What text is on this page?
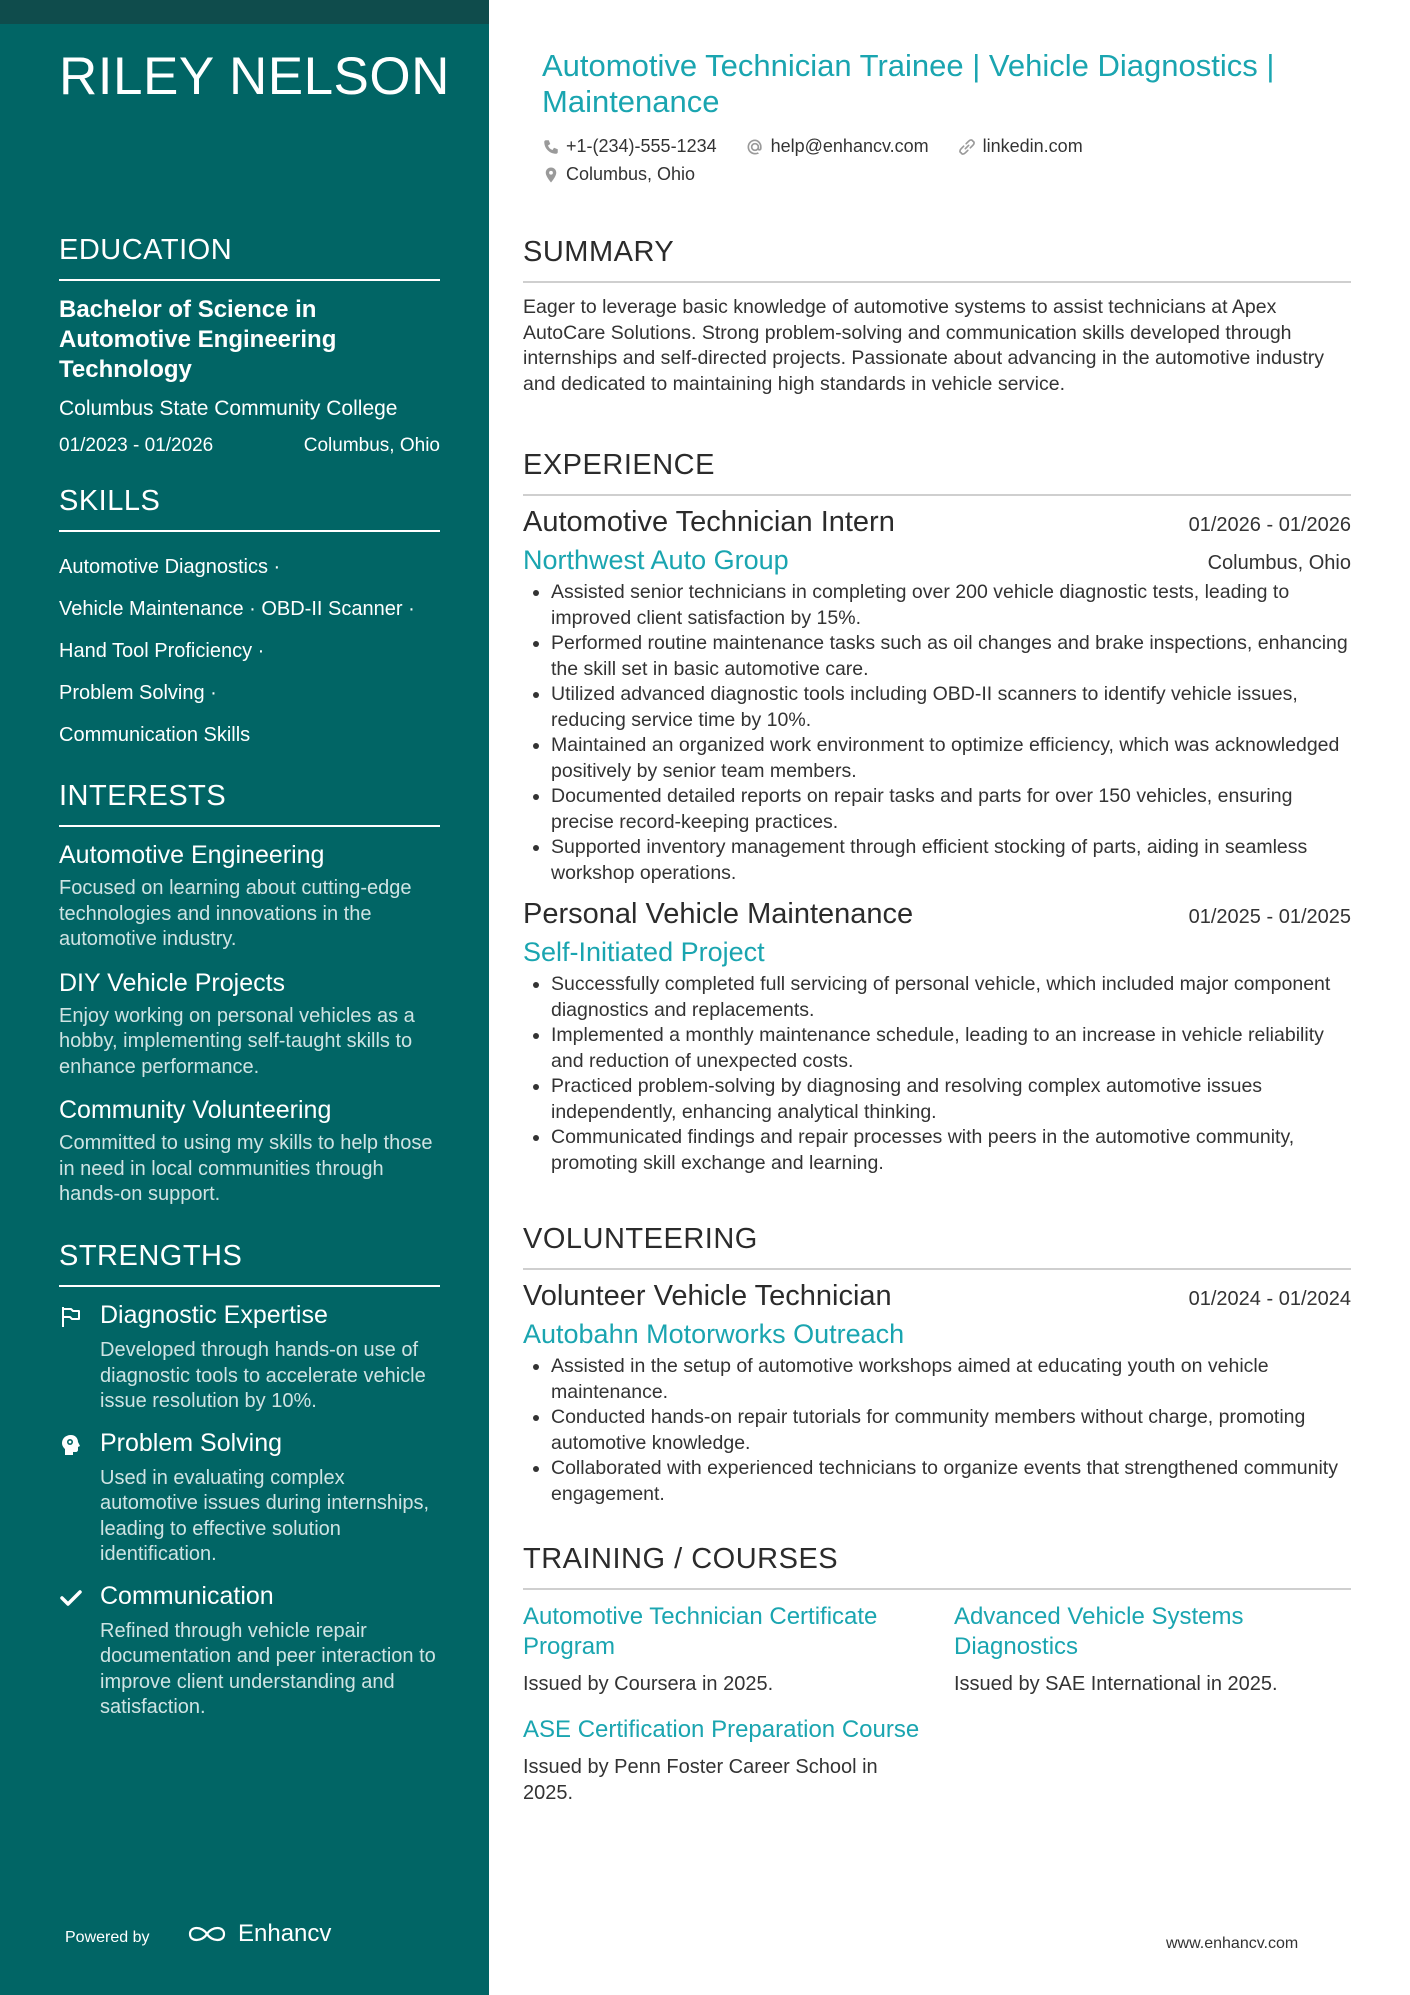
RILEY NELSON
EDUCATION
Bachelor of Science in Automotive Engineering Technology
Columbus State Community College
01/2023 - 01/2026	Columbus, Ohio
SKILLS
Automotive Diagnostics ·
Vehicle Maintenance · OBD-II Scanner ·
Hand Tool Proficiency ·
Problem Solving ·
Communication Skills
INTERESTS
Automotive Engineering
Focused on learning about cutting-edge technologies and innovations in the automotive industry.
DIY Vehicle Projects
Enjoy working on personal vehicles as a hobby, implementing self-taught skills to enhance performance.
Community Volunteering
Committed to using my skills to help those in need in local communities through hands-on support.
STRENGTHS
Diagnostic Expertise
Developed through hands-on use of diagnostic tools to accelerate vehicle issue resolution by 10%.
Problem Solving
Used in evaluating complex automotive issues during internships, leading to effective solution identification.
Communication
Refined through vehicle repair documentation and peer interaction to improve client understanding and satisfaction.
Powered by	Enhancv
Automotive Technician Trainee | Vehicle Diagnostics | Maintenance
+1-(234)-555-1234	help@enhancv.com	linkedin.com
Columbus, Ohio
SUMMARY
Eager to leverage basic knowledge of automotive systems to assist technicians at Apex AutoCare Solutions. Strong problem-solving and communication skills developed through internships and self-directed projects. Passionate about advancing in the automotive industry and dedicated to maintaining high standards in vehicle service.
EXPERIENCE
Automotive Technician Intern	01/2026 - 01/2026
Northwest Auto Group	Columbus, Ohio
• Assisted senior technicians in completing over 200 vehicle diagnostic tests, leading to improved client satisfaction by 15%.
• Performed routine maintenance tasks such as oil changes and brake inspections, enhancing the skill set in basic automotive care.
• Utilized advanced diagnostic tools including OBD-II scanners to identify vehicle issues, reducing service time by 10%.
• Maintained an organized work environment to optimize efficiency, which was acknowledged positively by senior team members.
• Documented detailed reports on repair tasks and parts for over 150 vehicles, ensuring precise record-keeping practices.
• Supported inventory management through efficient stocking of parts, aiding in seamless workshop operations.
Personal Vehicle Maintenance	01/2025 - 01/2025
Self-Initiated Project
• Successfully completed full servicing of personal vehicle, which included major component diagnostics and replacements.
• Implemented a monthly maintenance schedule, leading to an increase in vehicle reliability and reduction of unexpected costs.
• Practiced problem-solving by diagnosing and resolving complex automotive issues independently, enhancing analytical thinking.
• Communicated findings and repair processes with peers in the automotive community, promoting skill exchange and learning.
VOLUNTEERING
Volunteer Vehicle Technician	01/2024 - 01/2024
Autobahn Motorworks Outreach
• Assisted in the setup of automotive workshops aimed at educating youth on vehicle maintenance.
• Conducted hands-on repair tutorials for community members without charge, promoting automotive knowledge.
• Collaborated with experienced technicians to organize events that strengthened community engagement.
TRAINING / COURSES
Automotive Technician Certificate Program
Issued by Coursera in 2025.
Advanced Vehicle Systems Diagnostics
Issued by SAE International in 2025.
ASE Certification Preparation Course
Issued by Penn Foster Career School in 2025.
www.enhancv.com
